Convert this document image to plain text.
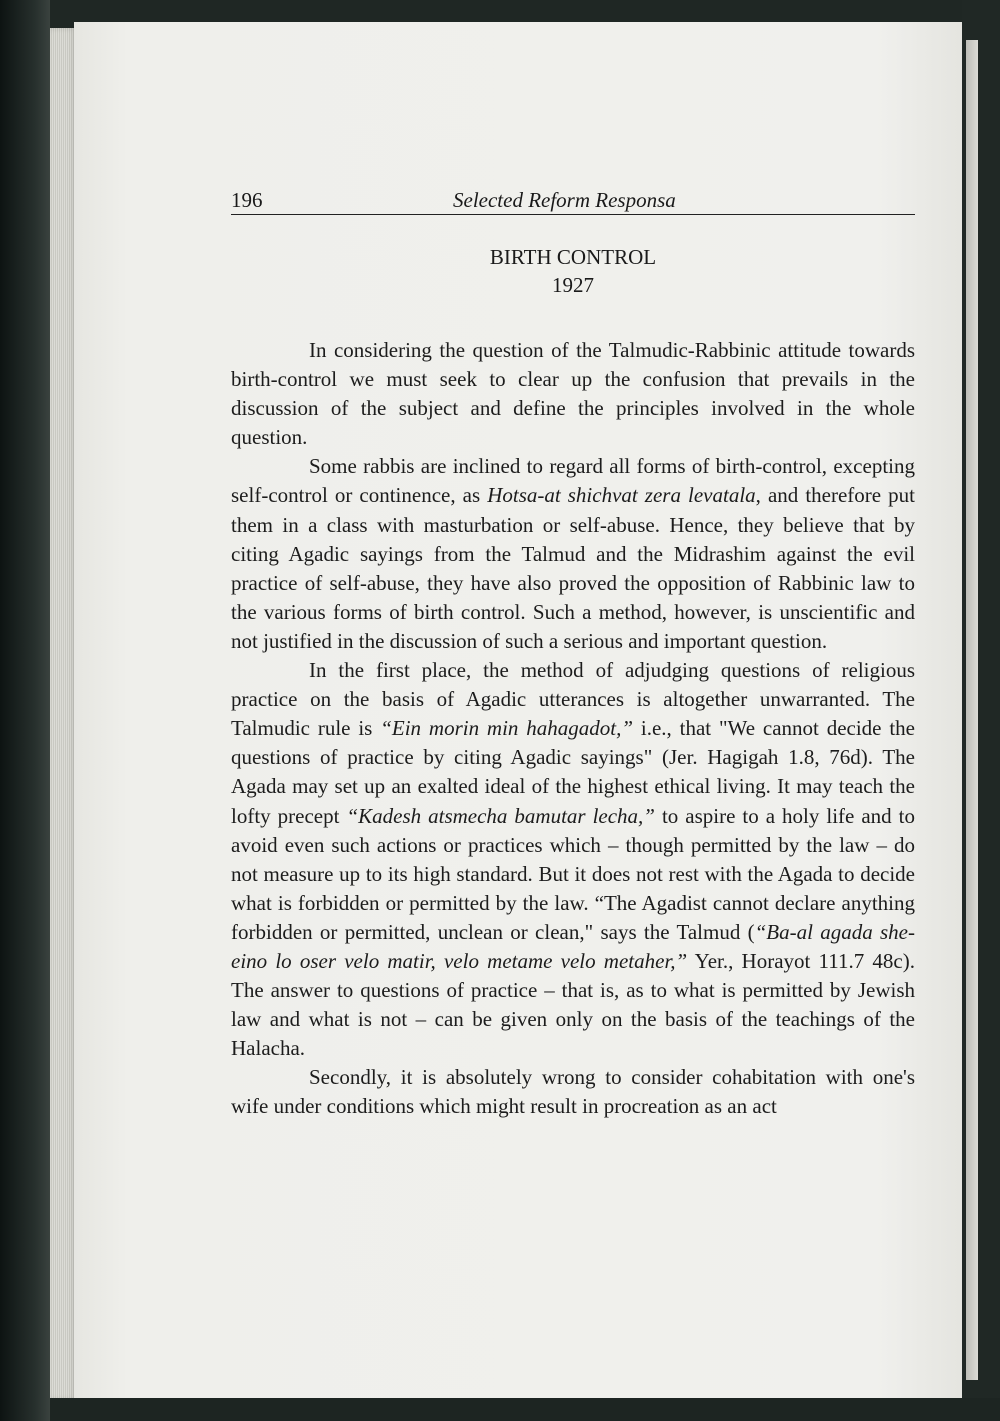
196	Selected Reform Responsa
BIRTH CONTROL
1927

In considering the question of the Talmudic-Rabbinic attitude towards birth-control we must seek to clear up the confusion that prevails in the discussion of the subject and define the principles involved in the whole question.

Some rabbis are inclined to regard all forms of birth-control, excepting self-control or continence, as Hotsa-at shichvat zera levatala, and therefore put them in a class with masturbation or self-abuse. Hence, they believe that by citing Agadic sayings from the Talmud and the Midrashim against the evil practice of self-abuse, they have also proved the opposition of Rabbinic law to the various forms of birth control. Such a method, however, is unscientific and not justified in the discussion of such a serious and important question.

In the first place, the method of adjudging questions of religious practice on the basis of Agadic utterances is altogether unwarranted. The Talmudic rule is “Ein morin min hahagadot,” i.e., that "We cannot decide the questions of practice by citing Agadic sayings" (Jer. Hagigah 1.8, 76d). The Agada may set up an exalted ideal of the highest ethical living. It may teach the lofty precept “Kadesh atsmecha bamutar lecha,” to aspire to a holy life and to avoid even such actions or practices which – though permitted by the law – do not measure up to its high standard. But it does not rest with the Agada to decide what is forbidden or permitted by the law. “The Agadist cannot declare anything forbidden or permitted, unclean or clean," says the Talmud (“Ba-al agada she-eino lo oser velo matir, velo metame velo metaher,” Yer., Horayot 111.7 48c). The answer to questions of practice – that is, as to what is permitted by Jewish law and what is not – can be given only on the basis of the teachings of the Halacha.

Secondly, it is absolutely wrong to consider cohabitation with one's wife under conditions which might result in procreation as an act
